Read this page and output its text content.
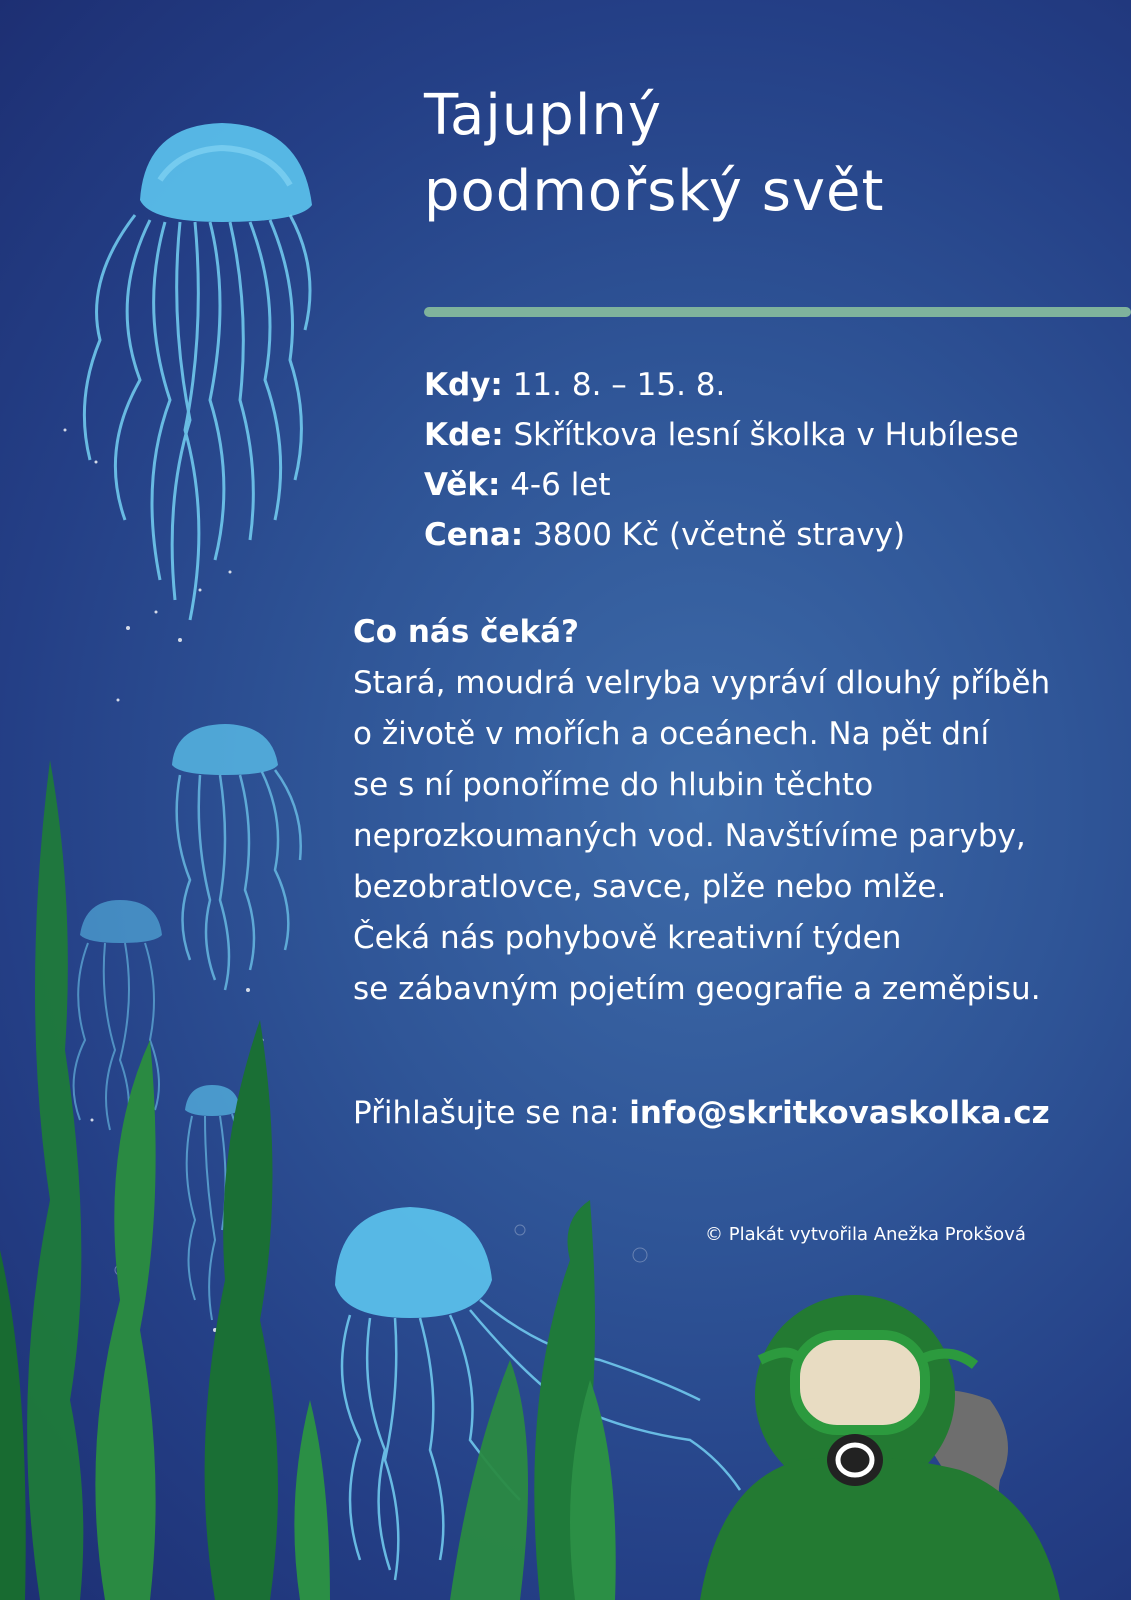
Tajuplný
podmořský svět
Kdy: 11. 8. – 15. 8.
Kde: Skřítkova lesní školka v Hubílese
Věk: 4-6 let
Cena: 3800 Kč (včetně stravy)

Co nás čeká?

Stará, moudrá velryba vypráví dlouhý příběh

o životě v mořích a oceánech. Na pět dní

se s ní ponoříme do hlubin těchto

neprozkoumaných vod. Navštívíme paryby,

bezobratlovce, savce, plže nebo mlže.

Čeká nás pohybově kreativní týden

se zábavným pojetím geografie a zeměpisu.

Přihlašujte se na: info@skritkovaskolka.cz
© Plakát vytvořila Anežka Prokšová
